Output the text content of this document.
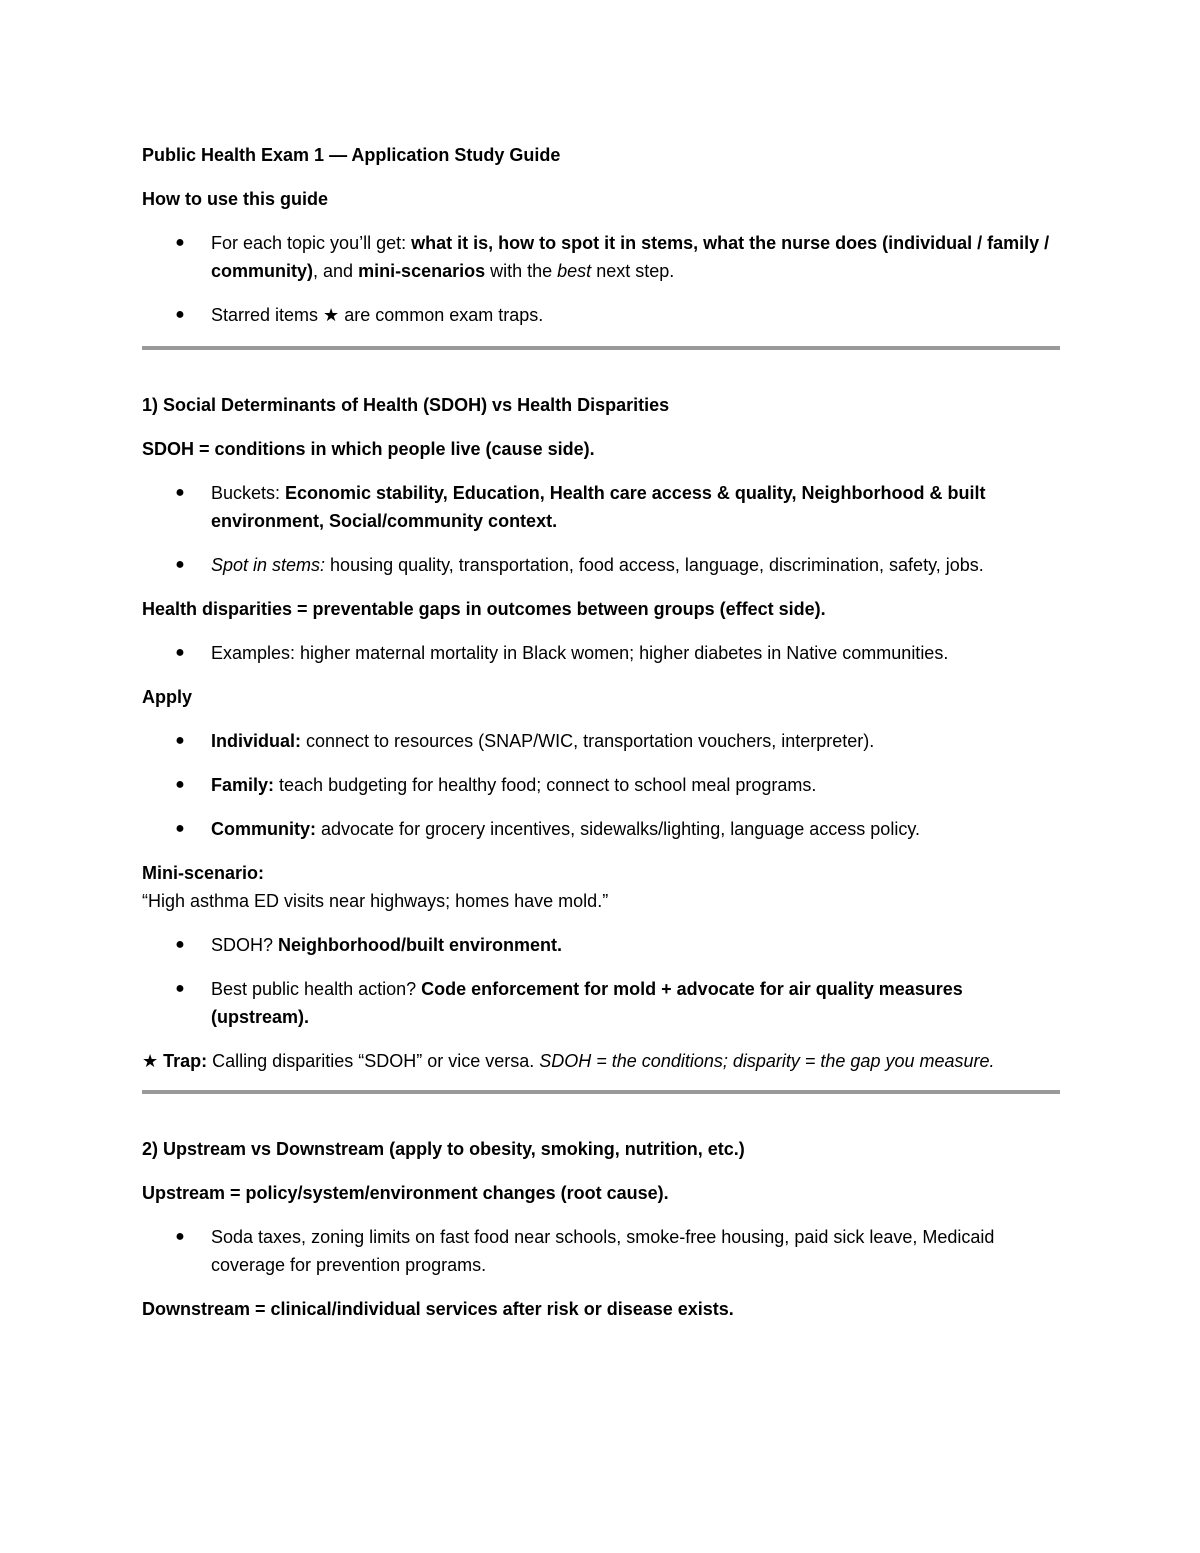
Public Health Exam 1 — Application Study Guide

How to use this guide

● For each topic you’ll get: what it is, how to spot it in stems, what the nurse does (individual / family / community), and mini-scenarios with the best next step.
● Starred items ★ are common exam traps.

1) Social Determinants of Health (SDOH) vs Health Disparities

SDOH = conditions in which people live (cause side).

● Buckets: Economic stability, Education, Health care access & quality, Neighborhood & built environment, Social/community context.
● Spot in stems: housing quality, transportation, food access, language, discrimination, safety, jobs.

Health disparities = preventable gaps in outcomes between groups (effect side).

● Examples: higher maternal mortality in Black women; higher diabetes in Native communities.

Apply

● Individual: connect to resources (SNAP/WIC, transportation vouchers, interpreter).
● Family: teach budgeting for healthy food; connect to school meal programs.
● Community: advocate for grocery incentives, sidewalks/lighting, language access policy.

Mini-scenario:

“High asthma ED visits near highways; homes have mold.”

● SDOH? Neighborhood/built environment.
● Best public health action? Code enforcement for mold + advocate for air quality measures (upstream).

★ Trap: Calling disparities “SDOH” or vice versa. SDOH = the conditions; disparity = the gap you measure.

2) Upstream vs Downstream (apply to obesity, smoking, nutrition, etc.)

Upstream = policy/system/environment changes (root cause).

● Soda taxes, zoning limits on fast food near schools, smoke-free housing, paid sick leave, Medicaid coverage for prevention programs.

Downstream = clinical/individual services after risk or disease exists.
